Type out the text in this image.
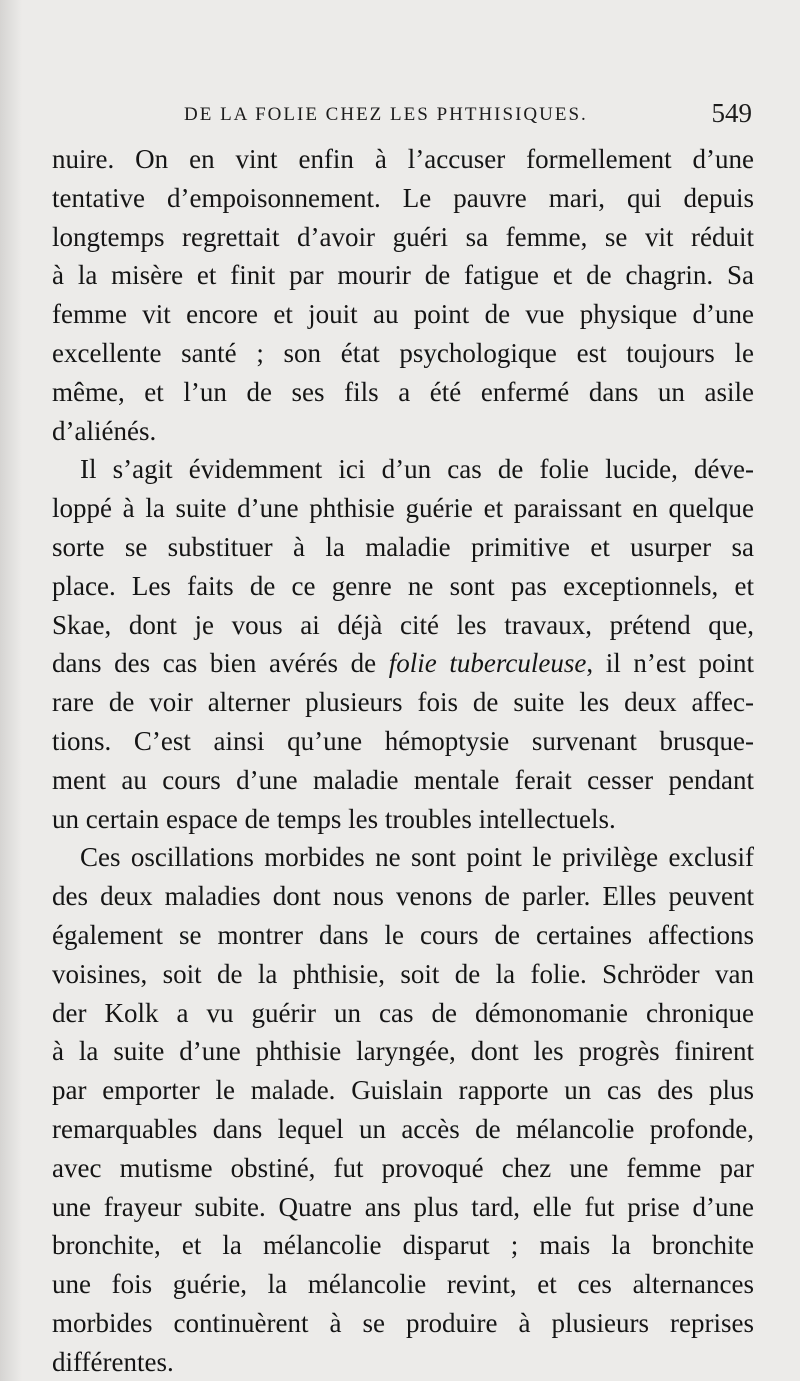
DE LA FOLIE CHEZ LES PHTHISIQUES.	549
nuire. On en vint enfin à l’accuser formellement d’une
tentative d’empoisonnement. Le pauvre mari, qui depuis
longtemps regrettait d’avoir guéri sa femme, se vit réduit
à la misère et finit par mourir de fatigue et de chagrin. Sa
femme vit encore et jouit au point de vue physique d’une
excellente santé ; son état psychologique est toujours le
même, et l’un de ses fils a été enfermé dans un asile
d’aliénés.
Il s’agit évidemment ici d’un cas de folie lucide, déve-
loppé à la suite d’une phthisie guérie et paraissant en quelque
sorte se substituer à la maladie primitive et usurper sa
place. Les faits de ce genre ne sont pas exceptionnels, et
Skae, dont je vous ai déjà cité les travaux, prétend que,
dans des cas bien avérés de folie tuberculeuse, il n’est point
rare de voir alterner plusieurs fois de suite les deux affec-
tions. C’est ainsi qu’une hémoptysie survenant brusque-
ment au cours d’une maladie mentale ferait cesser pendant
un certain espace de temps les troubles intellectuels.
Ces oscillations morbides ne sont point le privilège exclusif
des deux maladies dont nous venons de parler. Elles peuvent
également se montrer dans le cours de certaines affections
voisines, soit de la phthisie, soit de la folie. Schröder van
der Kolk a vu guérir un cas de démonomanie chronique
à la suite d’une phthisie laryngée, dont les progrès finirent
par emporter le malade. Guislain rapporte un cas des plus
remarquables dans lequel un accès de mélancolie profonde,
avec mutisme obstiné, fut provoqué chez une femme par
une frayeur subite. Quatre ans plus tard, elle fut prise d’une
bronchite, et la mélancolie disparut ; mais la bronchite
une fois guérie, la mélancolie revint, et ces alternances
morbides continuèrent à se produire à plusieurs reprises
différentes.
